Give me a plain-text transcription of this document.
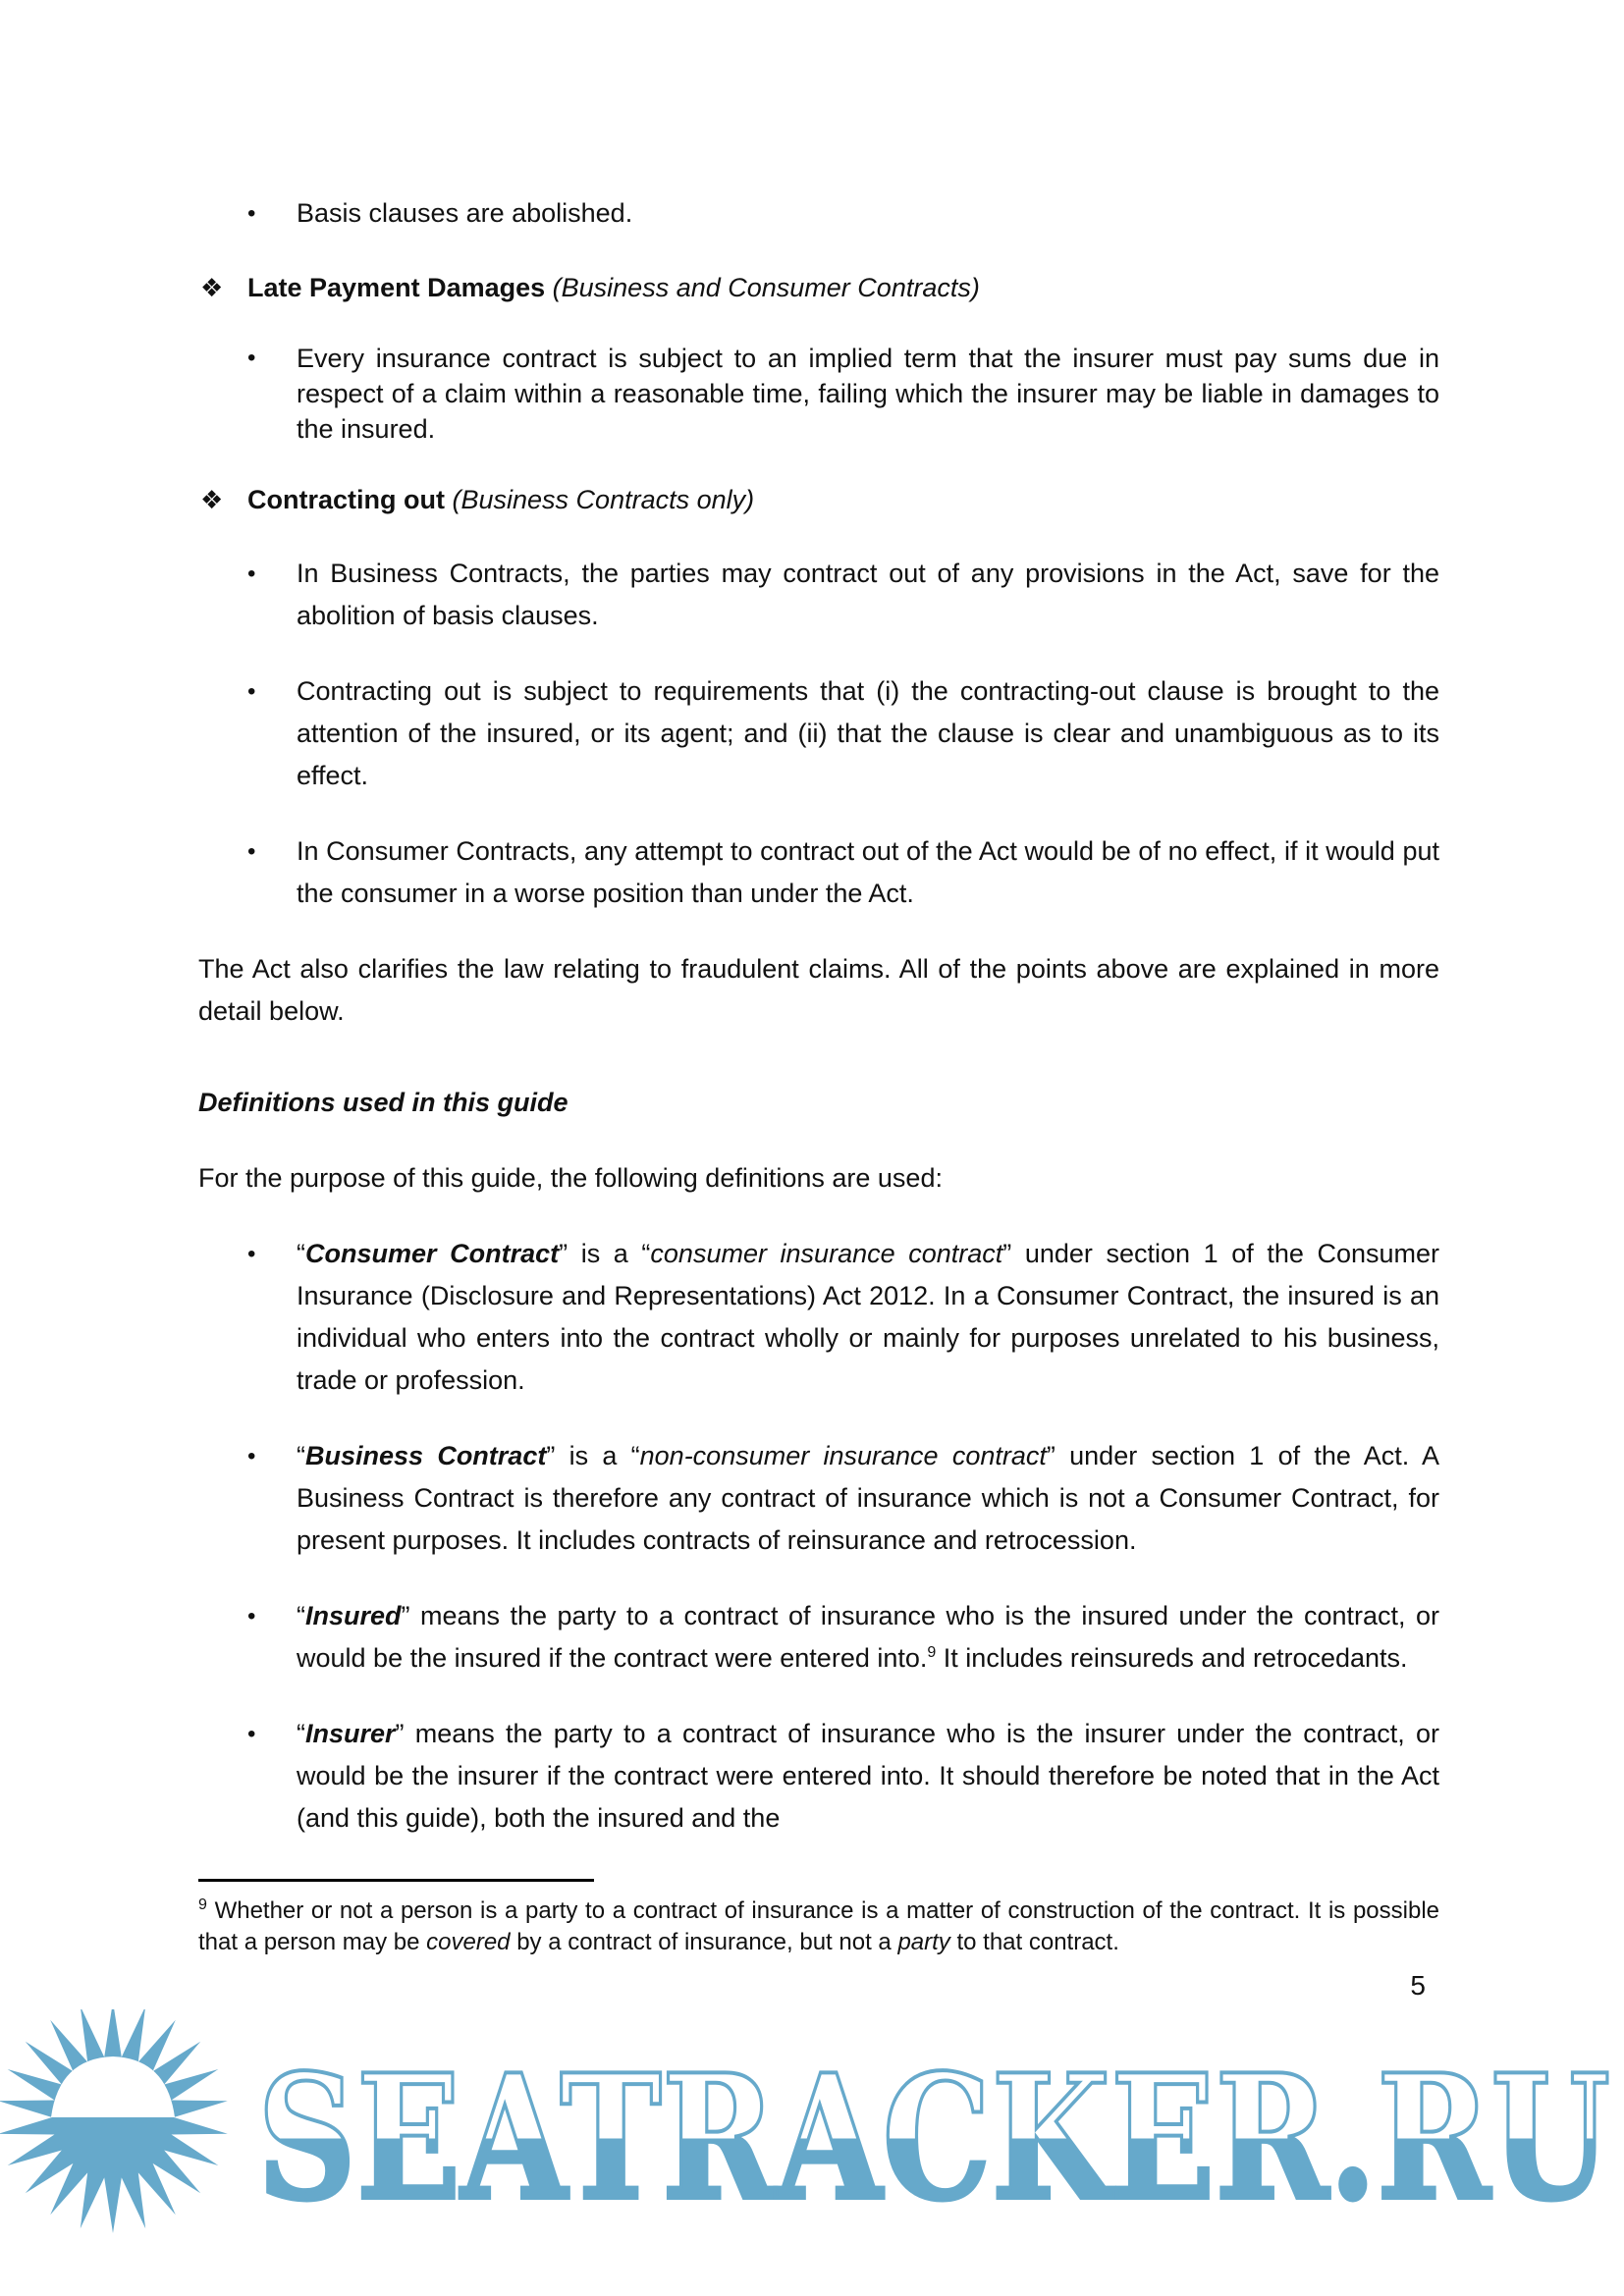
• Basis clauses are abolished.
❖ Late Payment Damages (Business and Consumer Contracts)
• Every insurance contract is subject to an implied term that the insurer must pay sums due in respect of a claim within a reasonable time, failing which the insurer may be liable in damages to the insured.
❖ Contracting out (Business Contracts only)
• In Business Contracts, the parties may contract out of any provisions in the Act, save for the abolition of basis clauses.
• Contracting out is subject to requirements that (i) the contracting-out clause is brought to the attention of the insured, or its agent; and (ii) that the clause is clear and unambiguous as to its effect.
• In Consumer Contracts, any attempt to contract out of the Act would be of no effect, if it would put the consumer in a worse position than under the Act.
The Act also clarifies the law relating to fraudulent claims. All of the points above are explained in more detail below.
Definitions used in this guide
For the purpose of this guide, the following definitions are used:
• “Consumer Contract” is a “consumer insurance contract” under section 1 of the Consumer Insurance (Disclosure and Representations) Act 2012. In a Consumer Contract, the insured is an individual who enters into the contract wholly or mainly for purposes unrelated to his business, trade or profession.
• “Business Contract” is a “non-consumer insurance contract” under section 1 of the Act. A Business Contract is therefore any contract of insurance which is not a Consumer Contract, for present purposes. It includes contracts of reinsurance and retrocession.
• “Insured” means the party to a contract of insurance who is the insured under the contract, or would be the insured if the contract were entered into.$^9$ It includes reinsureds and retrocedants.
• “Insurer” means the party to a contract of insurance who is the insurer under the contract, or would be the insurer if the contract were entered into. It should therefore be noted that in the Act (and this guide), both the insured and the
$^9$ Whether or not a person is a party to a contract of insurance is a matter of construction of the contract. It is possible that a person may be covered by a contract of insurance, but not a party to that contract.
5
SEATRACKER.RU
